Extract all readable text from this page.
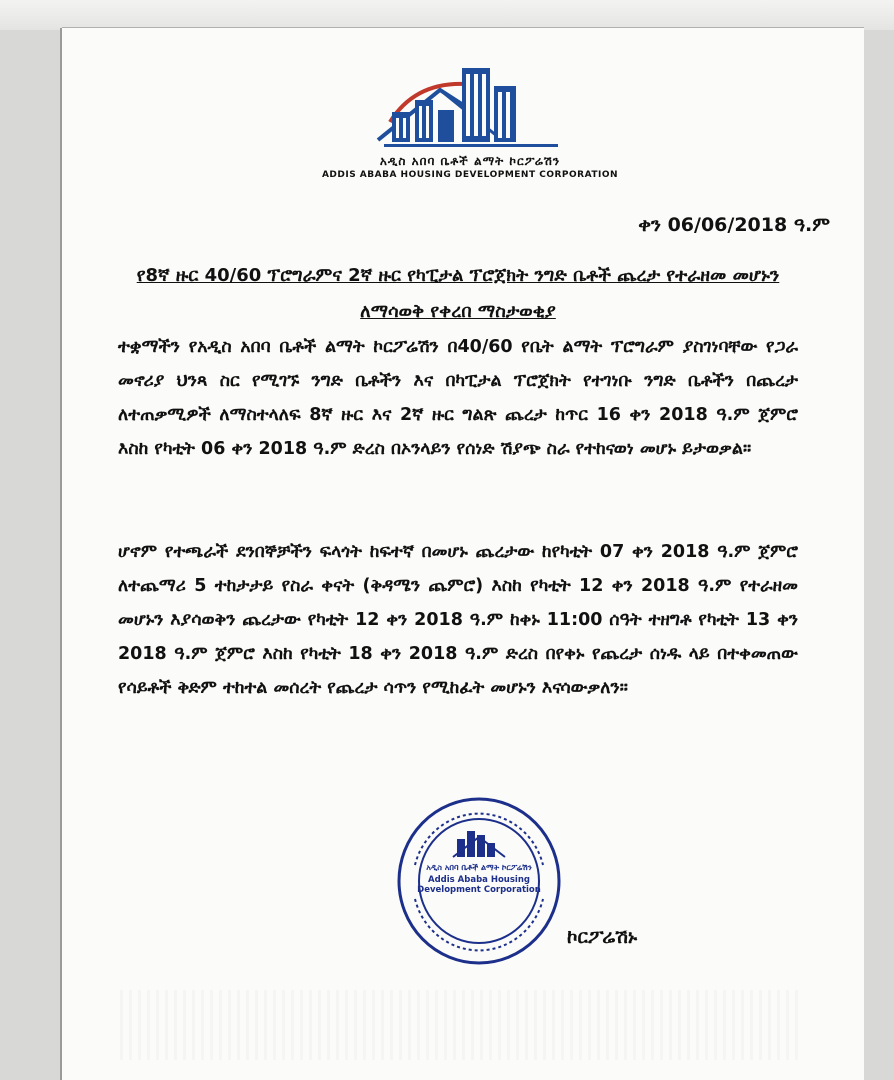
አዲስ አበባ ቤቶች ልማት ኮርፖሬሽን
ADDIS ABABA HOUSING DEVELOPMENT CORPORATION
ቀን 06/06/2018 ዓ.ም
የ8ኛ ዙር 40/60 ፕሮግራምና 2ኛ ዙር የካፒታል ፕሮጀክት ንግድ ቤቶች ጨረታ የተራዘመ መሆኑን ለማሳወቅ የቀረበ ማስታወቂያ
ተቋማችን የአዲስ አበባ ቤቶች ልማት ኮርፖሬሽን በ40/60 የቤት ልማት ፕሮግራም ያስገነባቸው የጋራ መኖሪያ ህንጻ ስር የሚገኙ ንግድ ቤቶችን እና በካፒታል ፕሮጀክት የተገነቡ ንግድ ቤቶችን በጨረታ ለተጠቃሚዎች ለማስተላለፍ 8ኛ ዙር እና 2ኛ ዙር ግልጽ ጨረታ ከጥር 16 ቀን 2018 ዓ.ም ጀምሮ እስከ የካቲት 06 ቀን 2018 ዓ.ም ድረስ በኦንላይን የሰነድ ሽያጭ ስራ የተከናወነ መሆኑ ይታወቃል።
ሆኖም የተጫራች ደንበኞቻችን ፍላጎት ከፍተኛ በመሆኑ ጨረታው ከየካቲት 07 ቀን 2018 ዓ.ም ጀምሮ ለተጨማሪ 5 ተከታታይ የስራ ቀናት (ቅዳሜን ጨምሮ) እስከ የካቲት 12 ቀን 2018 ዓ.ም የተራዘመ መሆኑን እያሳወቅን ጨረታው የካቲት 12 ቀን 2018 ዓ.ም ከቀኑ 11:00 ሰዓት ተዘግቶ የካቲት 13 ቀን 2018 ዓ.ም ጀምሮ እስከ የካቲት 18 ቀን 2018 ዓ.ም ድረስ በየቀኑ የጨረታ ሰነዱ ላይ በተቀመጠው የሳይቶች ቅድም ተከተል መሰረት የጨረታ ሳጥን የሚከፈት መሆኑን እናሳውቃለን።
አዲስ አበባ ቤቶች ልማት ኮርፖሬሽን
Addis Ababa Housing Development Corporation
ኮርፖሬሽኑ
